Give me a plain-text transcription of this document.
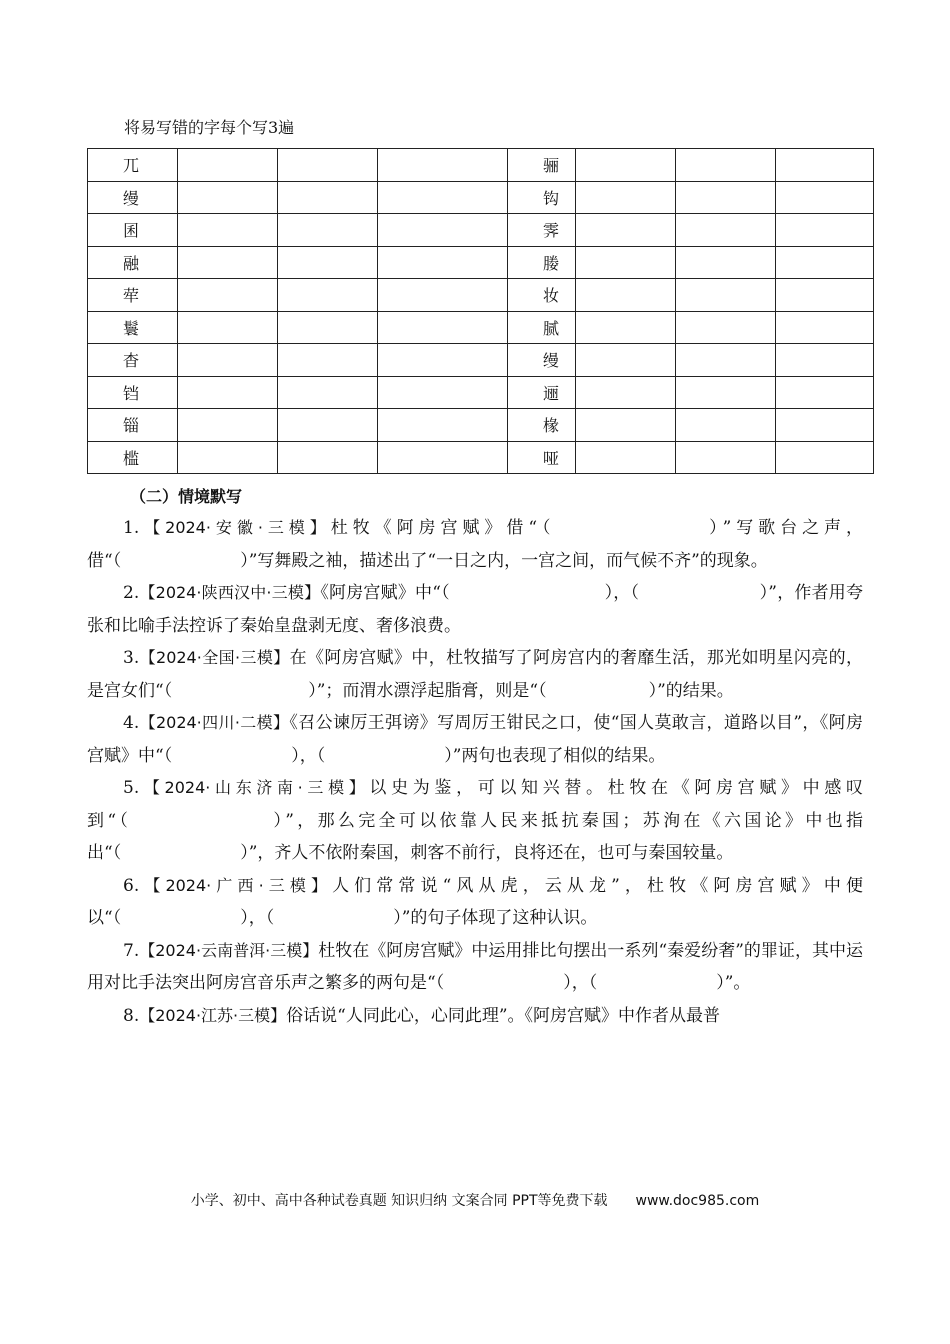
将易写错的字每个写3遍
兀				骊			
缦				钩			
囷				霁			
融				媵			
荦				妆			
鬟				腻			
杳				缦			
铛				逦			
锱				椽			
槛				哑			
（二）情境默写

1.【2024·安徽·三模】杜牧《阿房宫赋》借“（　　　　　　　）”写歌台之声，借“（　　　　　　　）”写舞殿之袖，描述出了“一日之内，一宫之间，而气候不齐”的现象。

2.【2024·陕西汉中·三模】《阿房宫赋》中“（　　　　　　　　　），（　　　　　　　）”，作者用夸张和比喻手法控诉了秦始皇盘剥无度、奢侈浪费。

3.【2024·全国·三模】在《阿房宫赋》中，杜牧描写了阿房宫内的奢靡生活，那光如明星闪亮的，是宫女们“（　　　　　　　　）”；而渭水漂浮起脂膏，则是“（　　　　　　）”的结果。

4.【2024·四川·二模】《召公谏厉王弭谤》写周厉王钳民之口，使“国人莫敢言，道路以目”，《阿房宫赋》中“（　　　　　　　），（　　　　　　　）”两句也表现了相似的结果。

5.【2024·山东济南·三模】以史为鉴，可以知兴替。杜牧在《阿房宫赋》中感叹到“（　　　　　　　）”，那么完全可以依靠人民来抵抗秦国；苏洵在《六国论》中也指出“（　　　　　　　）”，齐人不依附秦国，刺客不前行，良将还在，也可与秦国较量。

6.【2024·广西·三模】人们常常说“风从虎，云从龙”，杜牧《阿房宫赋》中便以“（　　　　　　　），（　　　　　　　）”的句子体现了这种认识。

7.【2024·云南普洱·三模】杜牧在《阿房宫赋》中运用排比句摆出一系列“秦爱纷奢”的罪证，其中运用对比手法突出阿房宫音乐声之繁多的两句是“（　　　　　　　），（　　　　　　　）”。

8.【2024·江苏·三模】俗话说“人同此心，心同此理”。《阿房宫赋》中作者从最普

小学、初中、高中各种试卷真题 知识归纳 文案合同 PPT等免费下载　　www.doc985.com
